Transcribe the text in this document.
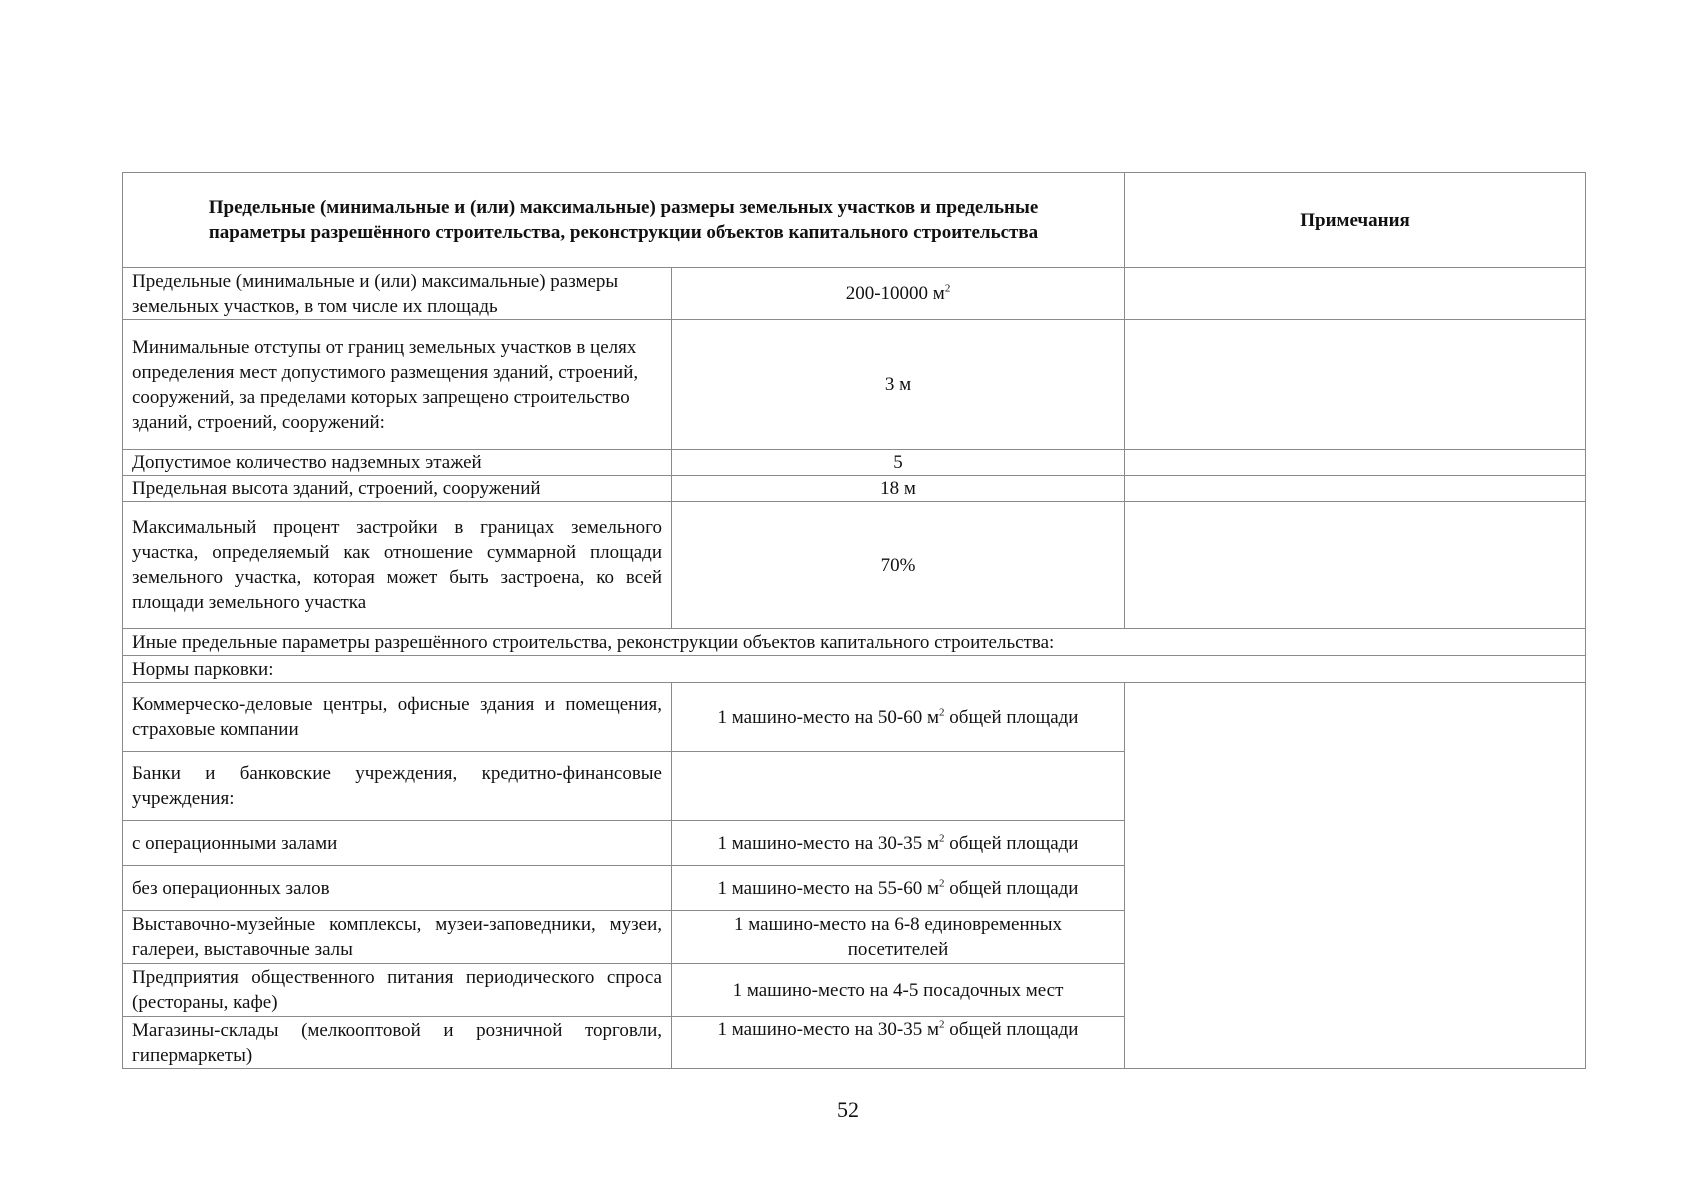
Предельные (минимальные и (или) максимальные) размеры земельных участков и предельные параметры разрешённого строительства, реконструкции объектов капитального строительства		Примечания
Предельные (минимальные и (или) максимальные) размеры земельных участков, в том числе их площадь	200-10000 $м^2$	
Минимальные отступы от границ земельных участков в целях определения мест допустимого размещения зданий, строений, сооружений, за пределами которых запрещено строительство зданий, строений, сооружений:	3 м	
Допустимое количество надземных этажей	5	
Предельная высота зданий, строений, сооружений	18 м	
Максимальный процент застройки в границах земельного участка, определяемый как отношение суммарной площади земельного участка, которая может быть застроена, ко всей площади земельного участка	70%	
Иные предельные параметры разрешённого строительства, реконструкции объектов капитального строительства:		
Нормы парковки:		
Коммерческо-деловые центры, офисные здания и помещения, страховые компании	1 машино-место на 50-60 $м^2$ общей площади	
Банки и банковские учреждения, кредитно-финансовые учреждения:		
с операционными залами	1 машино-место на 30-35 $м^2$ общей площади	
без операционных залов	1 машино-место на 55-60 $м^2$ общей площади	
Выставочно-музейные комплексы, музеи-заповедники, музеи, галереи, выставочные залы	1 машино-место на 6-8 единовременных посетителей	
Предприятия общественного питания периодического спроса (рестораны, кафе)	1 машино-место на 4-5 посадочных мест	
Магазины-склады (мелкооптовой и розничной торговли, гипермаркеты)	1 машино-место на 30-35 $м^2$ общей площади	
52
